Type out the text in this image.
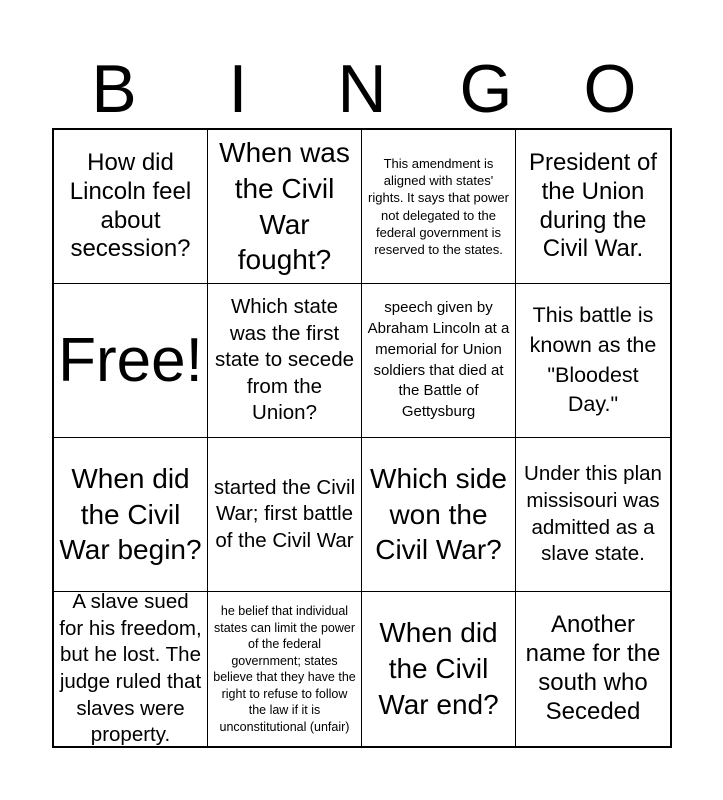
B	I	N	G	O
How did Lincoln feel about secession?
When was the Civil War fought?
This amendment is aligned with states' rights. It says that power not delegated to the federal government is reserved to the states.
President of the Union during the Civil War.
Free!
Which state was the first state to secede from the Union?
speech given by Abraham Lincoln at a memorial for Union soldiers that died at the Battle of Gettysburg
This battle is known as the "Bloodest Day."
When did the Civil War begin?
started the Civil War; first battle of the Civil War
Which side won the Civil War?
Under this plan missisouri was admitted as a slave state.
A slave sued for his freedom, but he lost. The judge ruled that slaves were property.
he belief that individual states can limit the power of the federal government; states believe that they have the right to refuse to follow the law if it is unconstitutional (unfair)
When did the Civil War end?
Another name for the south who Seceded
